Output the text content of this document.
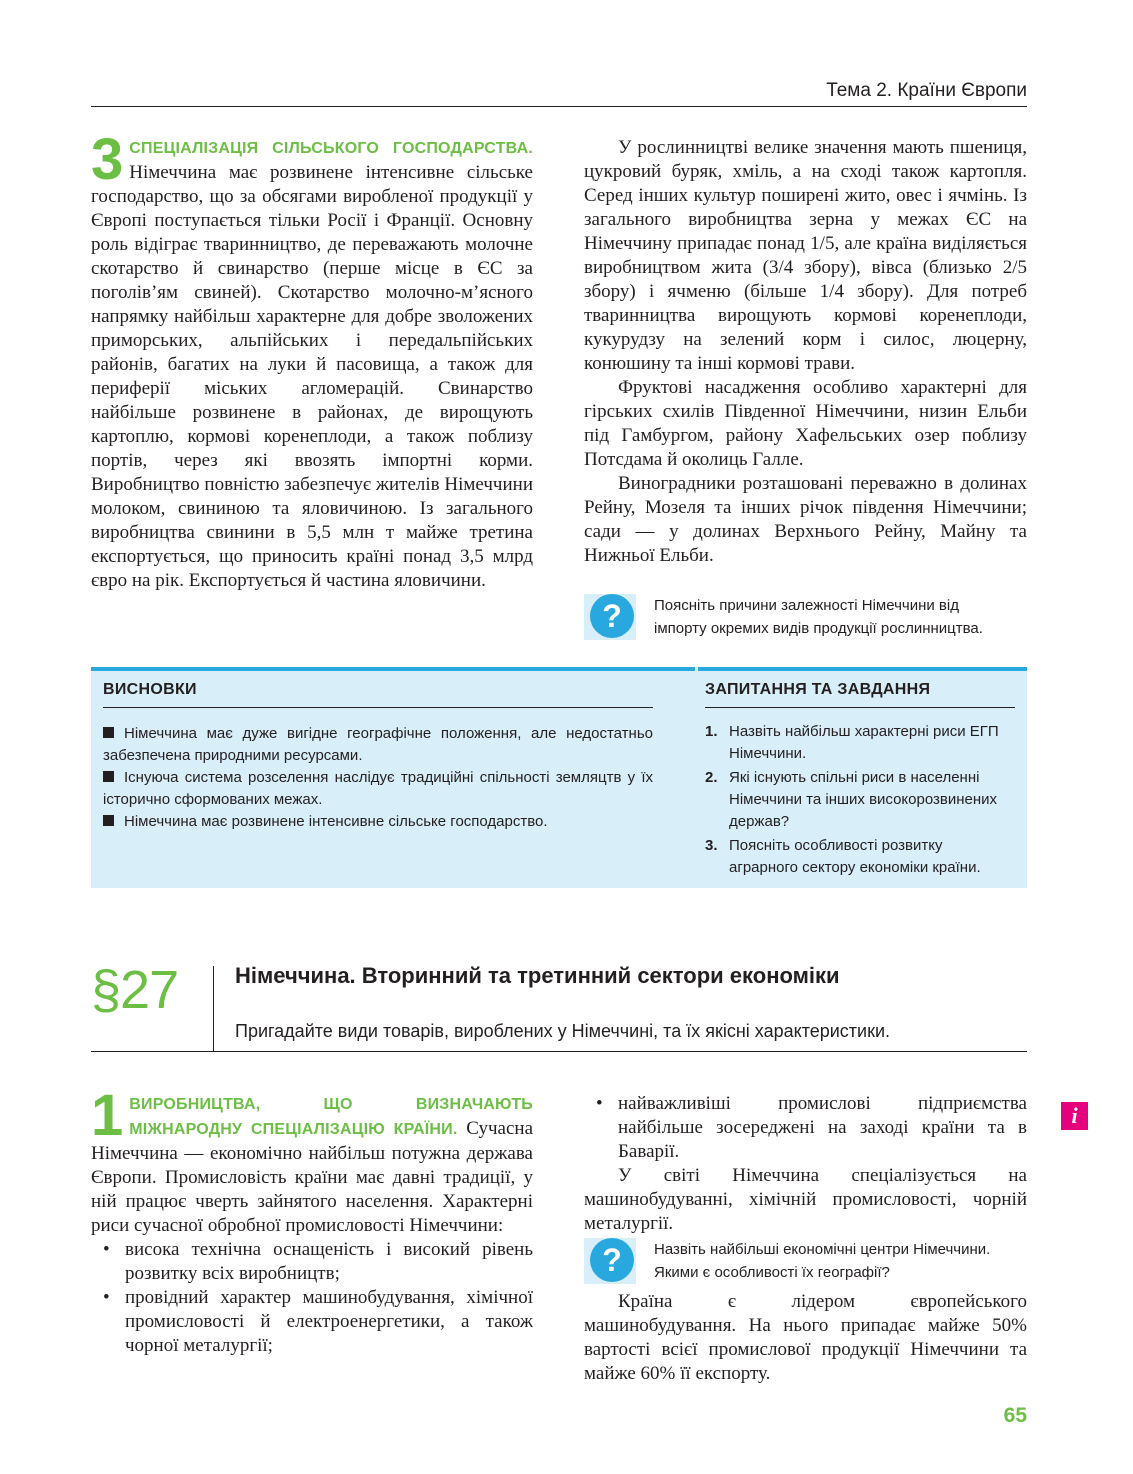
Тема 2. Країни Європи

3 СПЕЦІАЛІЗАЦІЯ СІЛЬСЬКОГО ГОСПОДАРСТВА. Німеччина має розвинене інтенсивне сільське господарство, що за обсягами виробленої продукції у Європі поступається тільки Росії і Франції. Основну роль відіграє тваринництво, де переважають молочне скотарство й свинарство (перше місце в ЄС за поголів’ям свиней). Скотарство молочно-м’ясного напрямку найбільш характерне для добре зволожених приморських, альпійських і передальпійських районів, багатих на луки й пасовища, а також для периферії міських агломерацій. Свинарство найбільше розвинене в районах, де вирощують картоплю, кормові коренеплоди, а також поблизу портів, через які ввозять імпортні корми. Виробництво повністю забезпечує жителів Німеччини молоком, свининою та яловичиною. Із загального виробництва свинини в 5,5 млн т майже третина експортується, що приносить країні понад 3,5 млрд євро на рік. Експортується й частина яловичини.

У рослинництві велике значення мають пшениця, цукровий буряк, хміль, а на сході також картопля. Серед інших культур поширені жито, овес і ячмінь. Із загального виробництва зерна у межах ЄС на Німеччину припадає понад 1/5, але країна виділяється виробництвом жита (3/4 збору), вівса (близько 2/5 збору) і ячменю (більше 1/4 збору). Для потреб тваринництва вирощують кормові коренеплоди, кукурудзу на зелений корм і силос, люцерну, конюшину та інші кормові трави.

Фруктові насадження особливо характерні для гірських схилів Південної Німеччини, низин Ельби під Гамбургом, району Хафельських озер поблизу Потсдама й околиць Галле.

Виноградники розташовані переважно в долинах Рейну, Мозеля та інших річок південня Німеччини; сади — у долинах Верхнього Рейну, Майну та Нижньої Ельби.

? Поясніть причини залежності Німеччини від
імпорту окремих видів продукції рослинництва.
ВИСНОВКИ

Німеччина має дуже вигідне географічне положення, але недостатньо забезпечена природними ресурсами.

Існуюча система розселення наслідує традиційні спільності земляцтв у їх історично сформованих межах.

Німеччина має розвинене інтенсивне сільське господарство.

ЗАПИТАННЯ ТА ЗАВДАННЯ
1. Назвіть найбільш характерні риси ЕГП Німеччини.
2. Які існують спільні риси в населенні Німеччини та інших високорозвинених держав?
3. Поясніть особливості розвитку аграрного сектору економіки країни.
§27	Німеччина. Вторинний та третинний сектори економіки
Пригадайте види товарів, вироблених у Німеччині, та їх якісні характеристики.

1 ВИРОБНИЦТВА, ЩО ВИЗНАЧАЮТЬ МІЖНАРОДНУ СПЕЦІАЛІЗАЦІЮ КРАЇНИ. Сучасна Німеччина — економічно найбільш потужна держава Європи. Промисловість країни має давні традиції, у ній працює чверть зайнятого населення. Характерні риси сучасної обробної промисловості Німеччини:

• висока технічна оснащеність і високий рівень розвитку всіх виробництв;
• провідний характер машинобудування, хімічної промисловості й електроенергетики, а також чорної металургії;
• найважливіші промислові підприємства найбільше зосереджені на заході країни та в Баварії.

У світі Німеччина спеціалізується на машинобудуванні, хімічній промисловості, чорній металургії.

? Назвіть найбільші економічні центри Німеччини.
Якими є особливості їх географії?

Країна є лідером європейського машинобудування. На нього припадає майже 50% вартості всієї промислової продукції Німеччини та майже 60% її експорту.

i
65
